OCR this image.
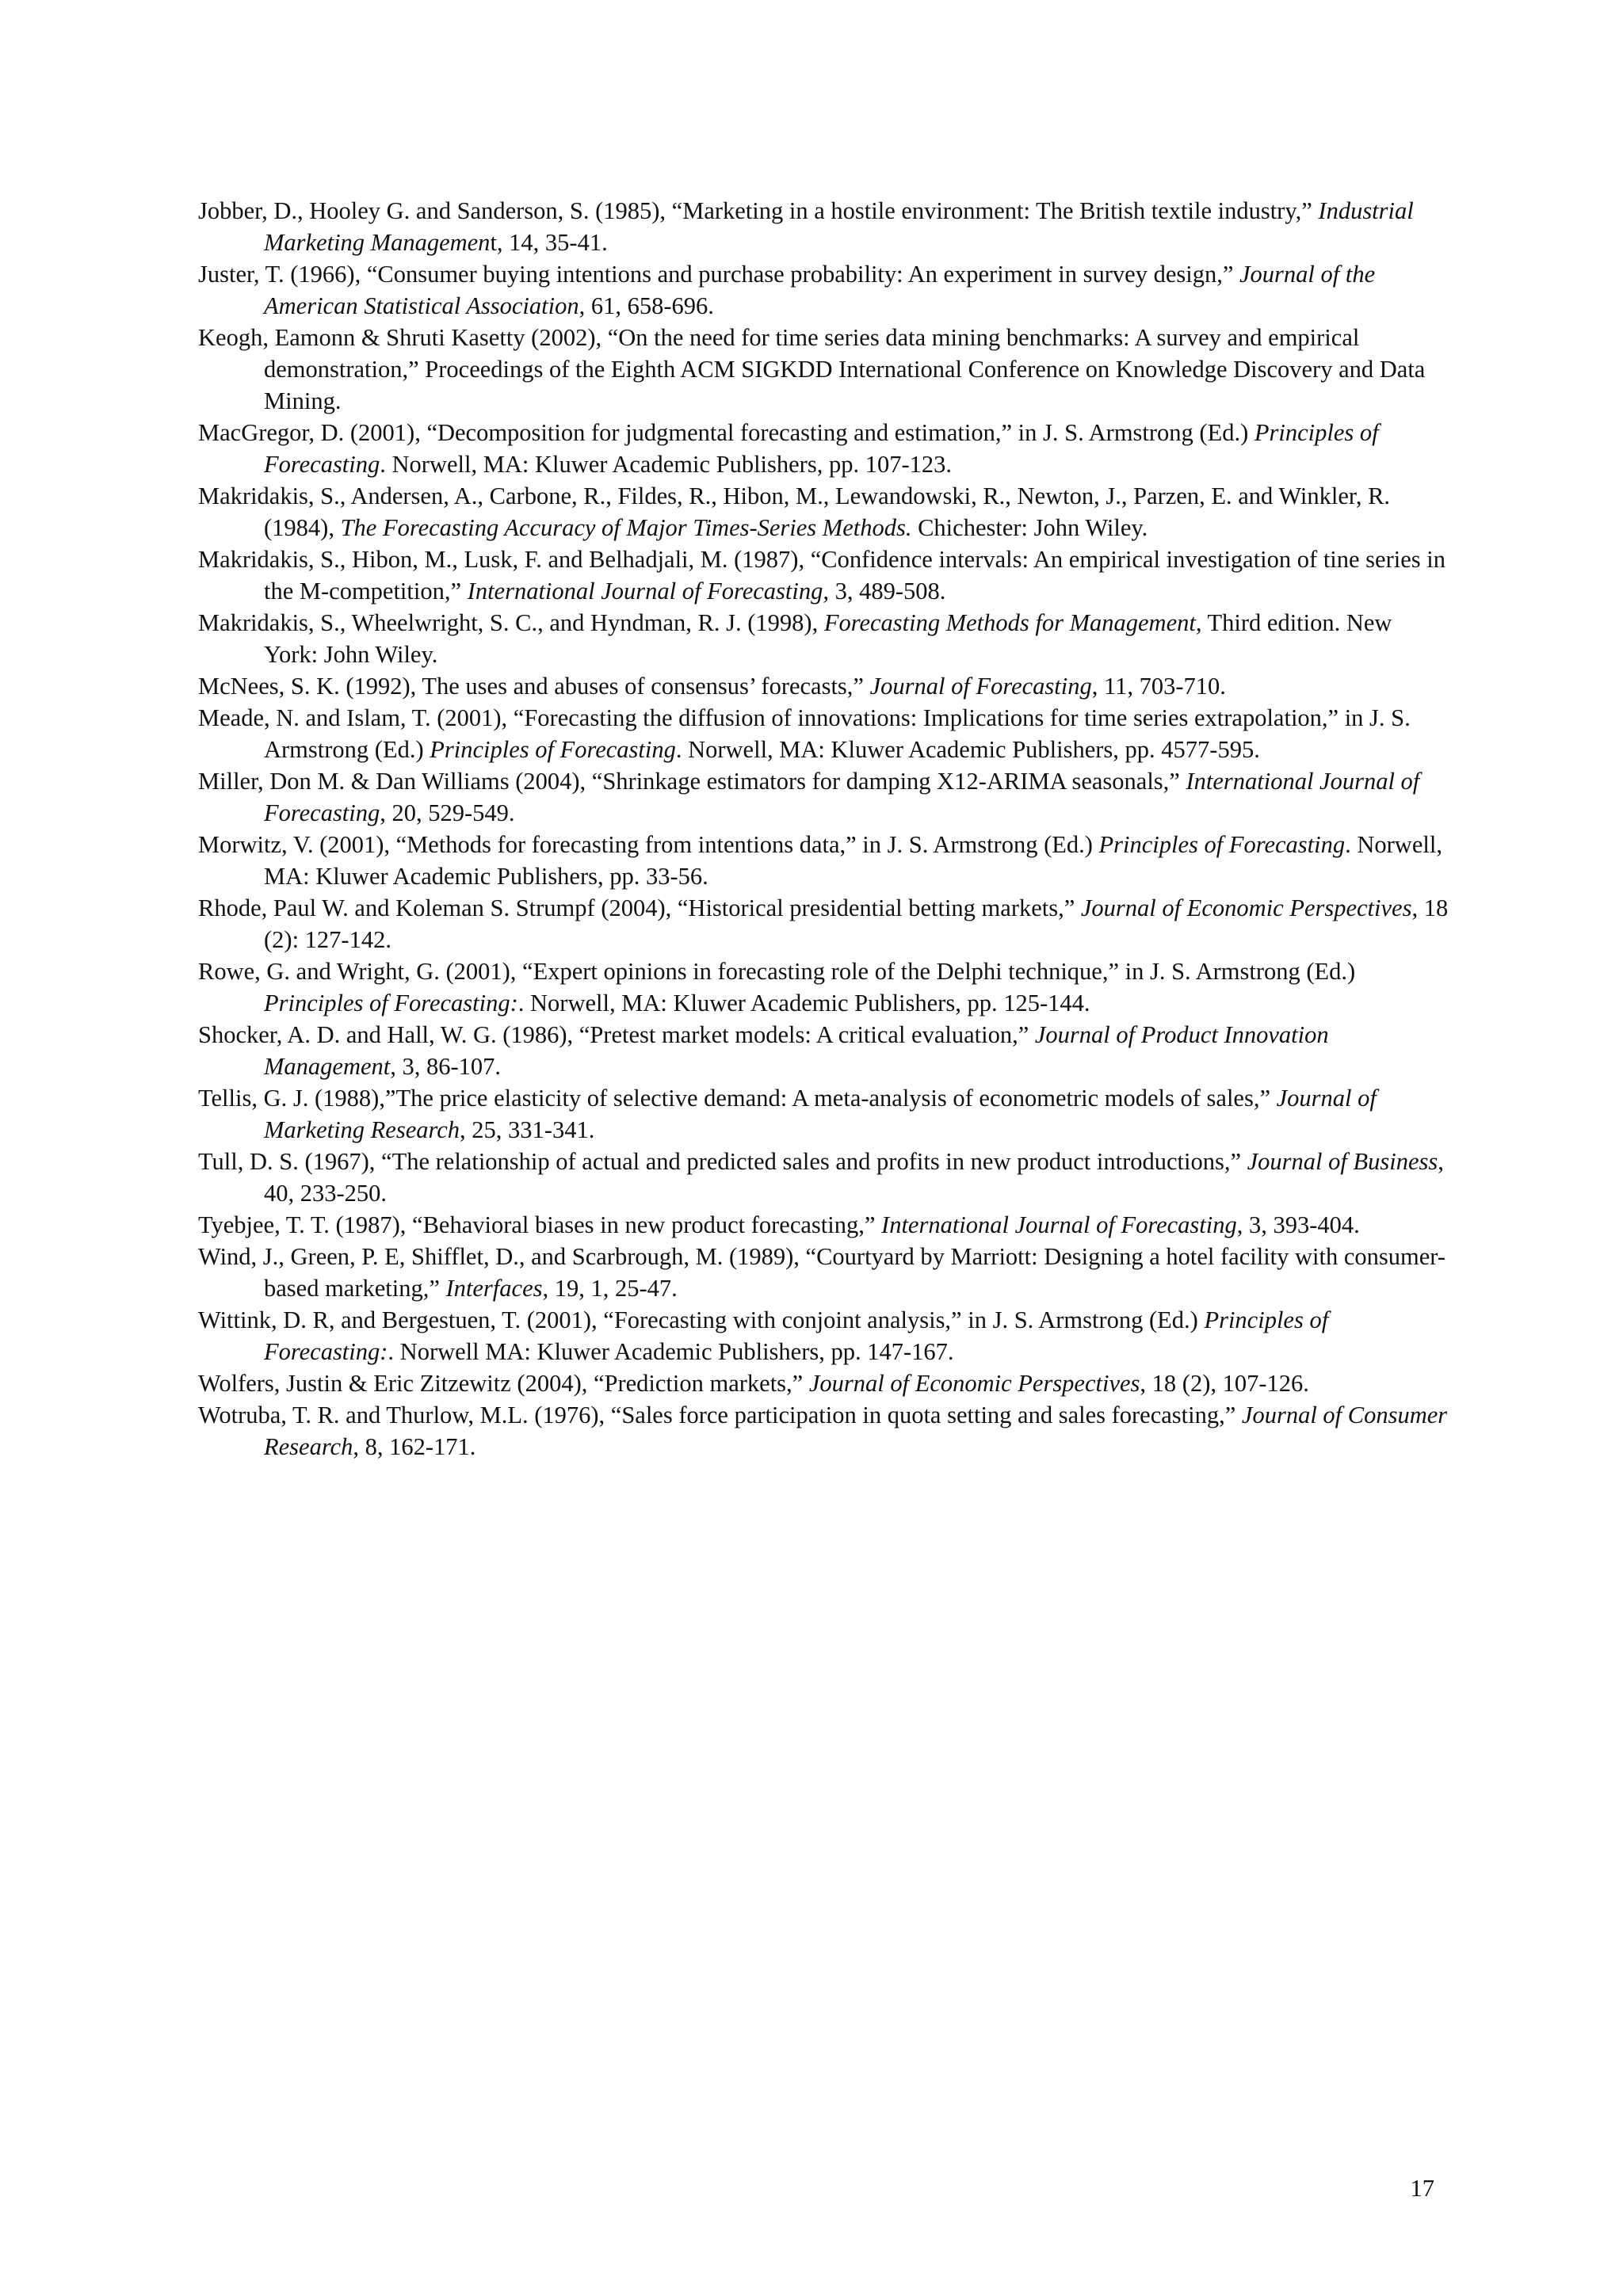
Jobber, D., Hooley G. and Sanderson, S. (1985), “Marketing in a hostile environment: The British textile industry,” Industrial Marketing Management, 14, 35-41.
Juster, T. (1966), “Consumer buying intentions and purchase probability: An experiment in survey design,” Journal of the American Statistical Association, 61, 658-696.
Keogh, Eamonn & Shruti Kasetty (2002), “On the need for time series data mining benchmarks: A survey and empirical demonstration,” Proceedings of the Eighth ACM SIGKDD International Conference on Knowledge Discovery and Data Mining.
MacGregor, D. (2001), “Decomposition for judgmental forecasting and estimation,” in J. S. Armstrong (Ed.) Principles of Forecasting. Norwell, MA: Kluwer Academic Publishers, pp. 107-123.
Makridakis, S., Andersen, A., Carbone, R., Fildes, R., Hibon, M., Lewandowski, R., Newton, J., Parzen, E. and Winkler, R. (1984), The Forecasting Accuracy of Major Times-Series Methods. Chichester: John Wiley.
Makridakis, S., Hibon, M., Lusk, F. and Belhadjali, M. (1987), “Confidence intervals: An empirical investigation of tine series in the M-competition,” International Journal of Forecasting, 3, 489-508.
Makridakis, S., Wheelwright, S. C., and Hyndman, R. J. (1998), Forecasting Methods for Management, Third edition. New York: John Wiley.
McNees, S. K. (1992), The uses and abuses of consensus’ forecasts,” Journal of Forecasting, 11, 703-710.
Meade, N. and Islam, T. (2001), “Forecasting the diffusion of innovations: Implications for time series extrapolation,” in J. S. Armstrong (Ed.) Principles of Forecasting. Norwell, MA: Kluwer Academic Publishers, pp. 4577-595.
Miller, Don M. & Dan Williams (2004), “Shrinkage estimators for damping X12-ARIMA seasonals,” International Journal of Forecasting, 20, 529-549.
Morwitz, V. (2001), “Methods for forecasting from intentions data,” in J. S. Armstrong (Ed.) Principles of Forecasting. Norwell, MA: Kluwer Academic Publishers, pp. 33-56.
Rhode, Paul W. and Koleman S. Strumpf (2004), “Historical presidential betting markets,” Journal of Economic Perspectives, 18 (2): 127-142.
Rowe, G. and Wright, G. (2001), “Expert opinions in forecasting role of the Delphi technique,” in J. S. Armstrong (Ed.) Principles of Forecasting:. Norwell, MA: Kluwer Academic Publishers, pp. 125-144.
Shocker, A. D. and Hall, W. G. (1986), “Pretest market models: A critical evaluation,” Journal of Product Innovation Management, 3, 86-107.
Tellis, G. J. (1988),”The price elasticity of selective demand: A meta-analysis of econometric models of sales,” Journal of Marketing Research, 25, 331-341.
Tull, D. S. (1967), “The relationship of actual and predicted sales and profits in new product introductions,” Journal of Business, 40, 233-250.
Tyebjee, T. T. (1987), “Behavioral biases in new product forecasting,” International Journal of Forecasting, 3, 393-404.
Wind, J., Green, P. E, Shifflet, D., and Scarbrough, M. (1989), “Courtyard by Marriott: Designing a hotel facility with consumer-based marketing,” Interfaces, 19, 1, 25-47.
Wittink, D. R, and Bergestuen, T. (2001), “Forecasting with conjoint analysis,” in J. S. Armstrong (Ed.) Principles of Forecasting:. Norwell MA: Kluwer Academic Publishers, pp. 147-167.
Wolfers, Justin & Eric Zitzewitz (2004), “Prediction markets,” Journal of Economic Perspectives, 18 (2), 107-126.
Wotruba, T. R. and Thurlow, M.L. (1976), “Sales force participation in quota setting and sales forecasting,” Journal of Consumer Research, 8, 162-171.
17
